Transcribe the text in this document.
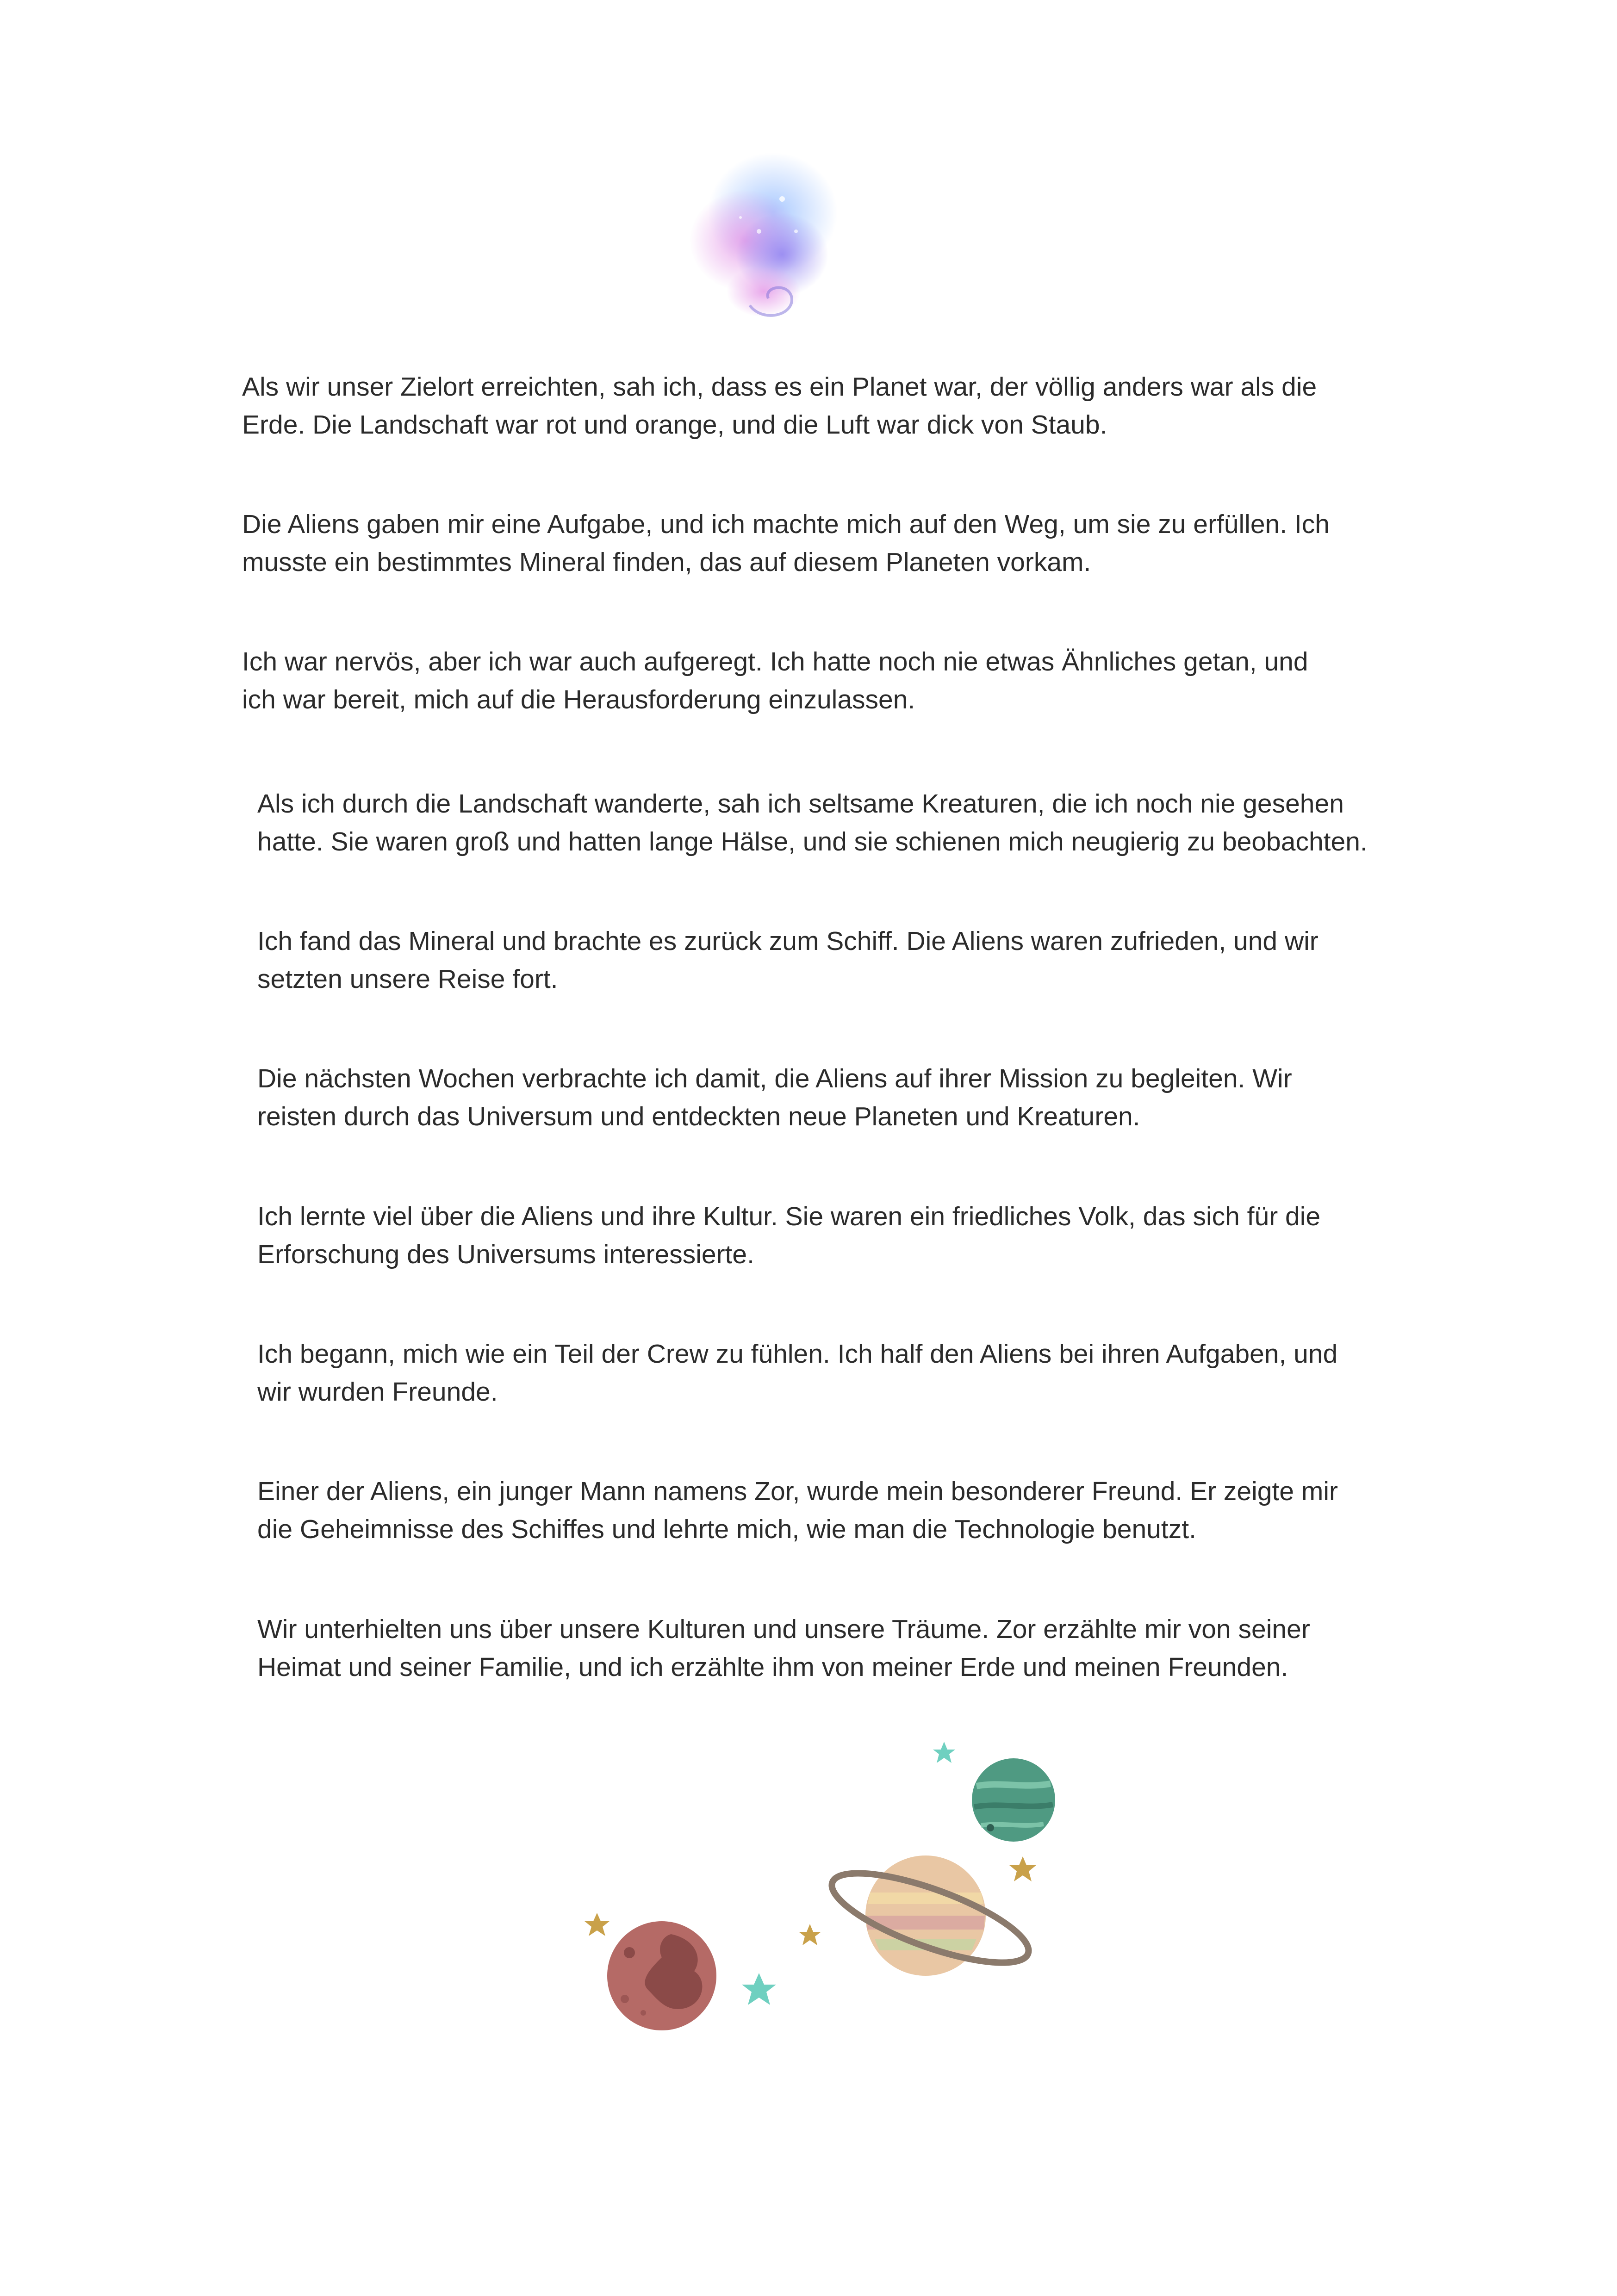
Als wir unser Zielort erreichten, sah ich, dass es ein Planet war, der völlig anders war als die
Erde. Die Landschaft war rot und orange, und die Luft war dick von Staub.
Die Aliens gaben mir eine Aufgabe, und ich machte mich auf den Weg, um sie zu erfüllen. Ich
musste ein bestimmtes Mineral finden, das auf diesem Planeten vorkam.
Ich war nervös, aber ich war auch aufgeregt. Ich hatte noch nie etwas Ähnliches getan, und
ich war bereit, mich auf die Herausforderung einzulassen.
Als ich durch die Landschaft wanderte, sah ich seltsame Kreaturen, die ich noch nie gesehen
hatte. Sie waren groß und hatten lange Hälse, und sie schienen mich neugierig zu beobachten.
Ich fand das Mineral und brachte es zurück zum Schiff. Die Aliens waren zufrieden, und wir
setzten unsere Reise fort.
Die nächsten Wochen verbrachte ich damit, die Aliens auf ihrer Mission zu begleiten. Wir
reisten durch das Universum und entdeckten neue Planeten und Kreaturen.
Ich lernte viel über die Aliens und ihre Kultur. Sie waren ein friedliches Volk, das sich für die
Erforschung des Universums interessierte.
Ich begann, mich wie ein Teil der Crew zu fühlen. Ich half den Aliens bei ihren Aufgaben, und
wir wurden Freunde.
Einer der Aliens, ein junger Mann namens Zor, wurde mein besonderer Freund. Er zeigte mir
die Geheimnisse des Schiffes und lehrte mich, wie man die Technologie benutzt.
Wir unterhielten uns über unsere Kulturen und unsere Träume. Zor erzählte mir von seiner
Heimat und seiner Familie, und ich erzählte ihm von meiner Erde und meinen Freunden.
